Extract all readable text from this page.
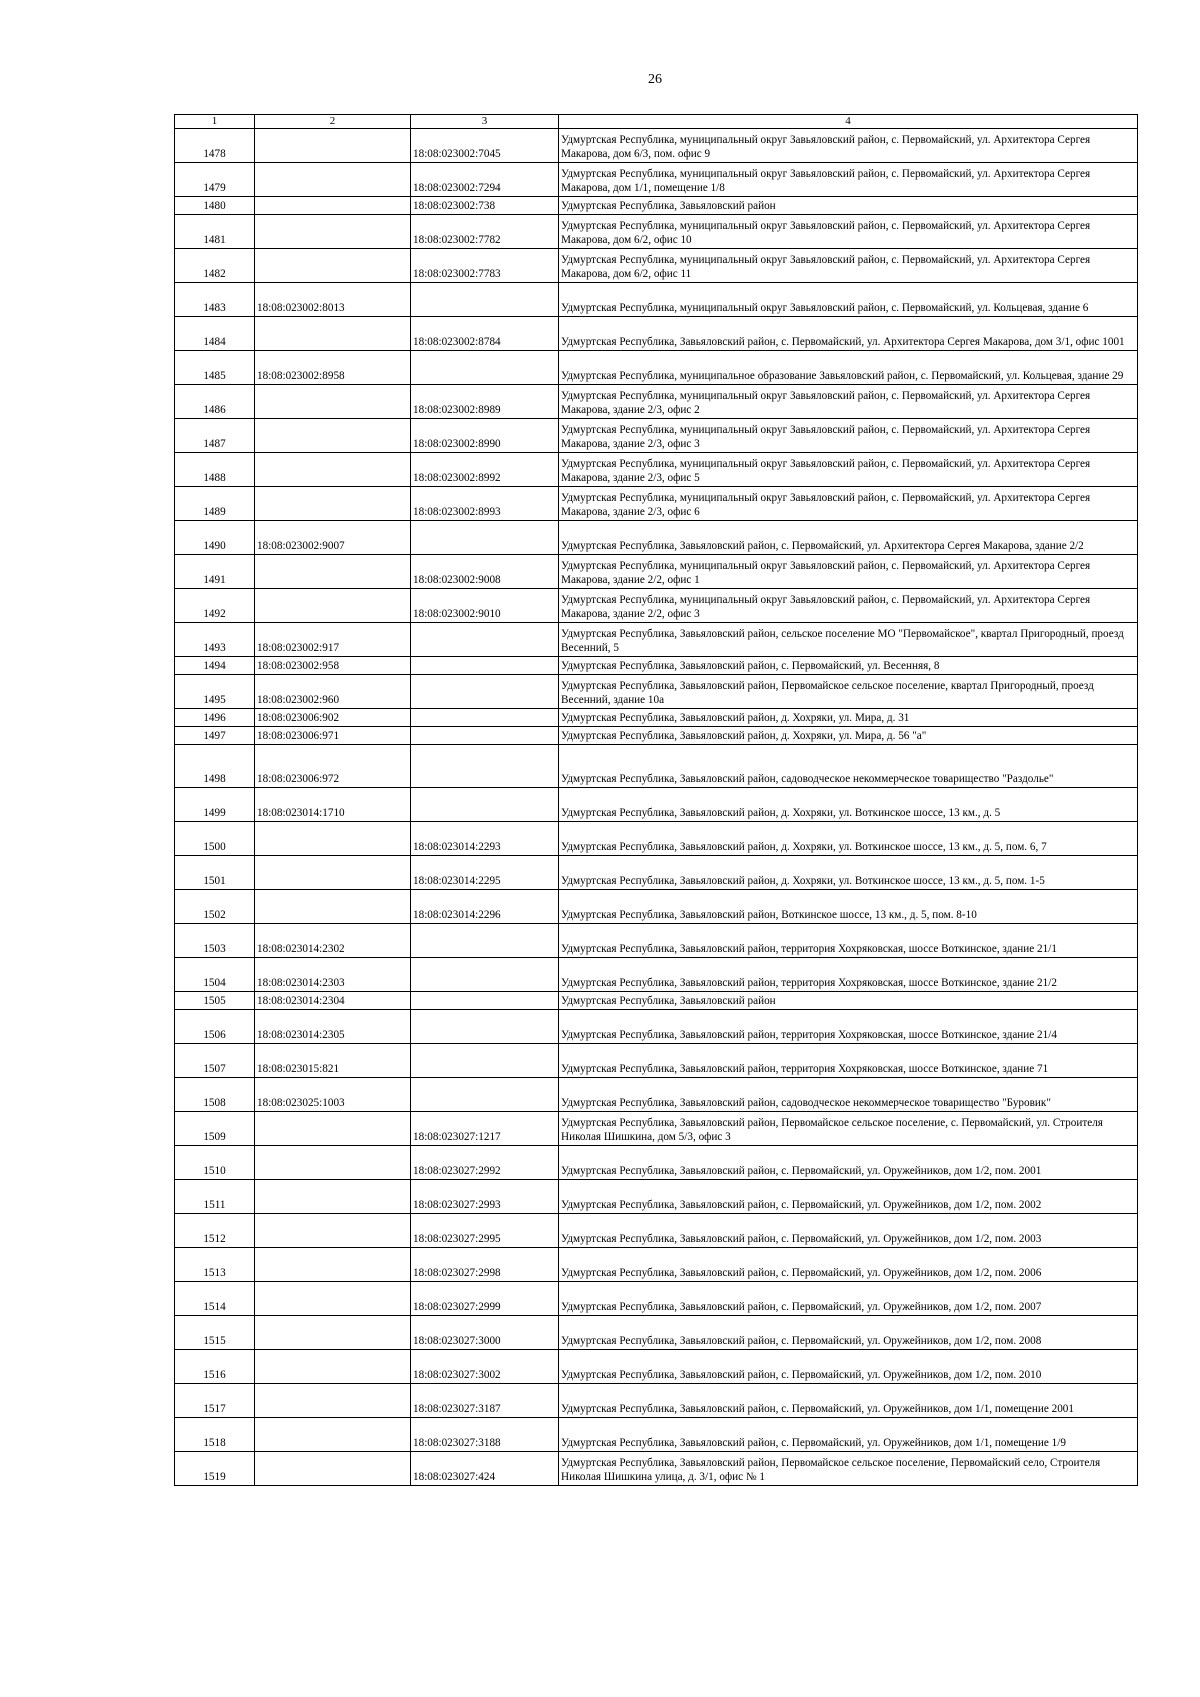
26
1	2	3	4
1478		18:08:023002:7045	Удмуртская Республика, муниципальный округ Завьяловский район, с. Первомайский, ул. Архитектора Сергея Макарова, дом 6/3, пом. офис 9
1479		18:08:023002:7294	Удмуртская Республика, муниципальный округ Завьяловский район, с. Первомайский, ул. Архитектора Сергея Макарова, дом 1/1, помещение 1/8
1480		18:08:023002:738	Удмуртская Республика, Завьяловский район
1481		18:08:023002:7782	Удмуртская Республика, муниципальный округ Завьяловский район, с. Первомайский, ул. Архитектора Сергея Макарова, дом 6/2, офис 10
1482		18:08:023002:7783	Удмуртская Республика, муниципальный округ Завьяловский район, с. Первомайский, ул. Архитектора Сергея Макарова, дом 6/2, офис 11
1483	18:08:023002:8013		Удмуртская Республика, муниципальный округ Завьяловский район, с. Первомайский, ул. Кольцевая, здание 6
1484		18:08:023002:8784	Удмуртская Республика, Завьяловский район, с. Первомайский, ул. Архитектора Сергея Макарова, дом 3/1, офис 1001
1485	18:08:023002:8958		Удмуртская Республика, муниципальное образование Завьяловский район, с. Первомайский, ул. Кольцевая, здание 29
1486		18:08:023002:8989	Удмуртская Республика, муниципальный округ Завьяловский район, с. Первомайский, ул. Архитектора Сергея Макарова, здание 2/3, офис 2
1487		18:08:023002:8990	Удмуртская Республика, муниципальный округ Завьяловский район, с. Первомайский, ул. Архитектора Сергея Макарова, здание 2/3, офис 3
1488		18:08:023002:8992	Удмуртская Республика, муниципальный округ Завьяловский район, с. Первомайский, ул. Архитектора Сергея Макарова, здание 2/3, офис 5
1489		18:08:023002:8993	Удмуртская Республика, муниципальный округ Завьяловский район, с. Первомайский, ул. Архитектора Сергея Макарова, здание 2/3, офис 6
1490	18:08:023002:9007		Удмуртская Республика, Завьяловский район, с. Первомайский, ул. Архитектора Сергея Макарова, здание 2/2
1491		18:08:023002:9008	Удмуртская Республика, муниципальный округ Завьяловский район, с. Первомайский, ул. Архитектора Сергея Макарова, здание 2/2, офис 1
1492		18:08:023002:9010	Удмуртская Республика, муниципальный округ Завьяловский район, с. Первомайский, ул. Архитектора Сергея Макарова, здание 2/2, офис 3
1493	18:08:023002:917		Удмуртская Республика, Завьяловский район, сельское поселение МО "Первомайское", квартал Пригородный, проезд Весенний, 5
1494	18:08:023002:958		Удмуртская Республика, Завьяловский район, с. Первомайский, ул. Весенняя, 8
1495	18:08:023002:960		Удмуртская Республика, Завьяловский район, Первомайское сельское поселение, квартал Пригородный, проезд Весенний, здание 10а
1496	18:08:023006:902		Удмуртская Республика, Завьяловский район, д. Хохряки, ул. Мира, д. 31
1497	18:08:023006:971		Удмуртская Республика, Завьяловский район, д. Хохряки, ул. Мира, д. 56 "а"
1498	18:08:023006:972		Удмуртская Республика, Завьяловский район, садоводческое некоммерческое товарищество "Раздолье"
1499	18:08:023014:1710		Удмуртская Республика, Завьяловский район, д. Хохряки, ул. Воткинское шоссе, 13 км., д. 5
1500		18:08:023014:2293	Удмуртская Республика, Завьяловский район, д. Хохряки, ул. Воткинское шоссе, 13 км., д. 5, пом. 6, 7
1501		18:08:023014:2295	Удмуртская Республика, Завьяловский район, д. Хохряки, ул. Воткинское шоссе, 13 км., д. 5, пом. 1-5
1502		18:08:023014:2296	Удмуртская Республика, Завьяловский район, Воткинское шоссе, 13 км., д. 5, пом. 8-10
1503	18:08:023014:2302		Удмуртская Республика, Завьяловский район, территория Хохряковская, шоссе Воткинское, здание 21/1
1504	18:08:023014:2303		Удмуртская Республика, Завьяловский район, территория Хохряковская, шоссе Воткинское, здание 21/2
1505	18:08:023014:2304		Удмуртская Республика, Завьяловский район
1506	18:08:023014:2305		Удмуртская Республика, Завьяловский район, территория Хохряковская, шоссе Воткинское, здание 21/4
1507	18:08:023015:821		Удмуртская Республика, Завьяловский район, территория Хохряковская, шоссе Воткинское, здание 71
1508	18:08:023025:1003		Удмуртская Республика, Завьяловский район, садоводческое некоммерческое товарищество "Буровик"
1509		18:08:023027:1217	Удмуртская Республика, Завьяловский район, Первомайское сельское поселение, с. Первомайский, ул. Строителя Николая Шишкина, дом 5/3, офис 3
1510		18:08:023027:2992	Удмуртская Республика, Завьяловский район, с. Первомайский, ул. Оружейников, дом 1/2, пом. 2001
1511		18:08:023027:2993	Удмуртская Республика, Завьяловский район, с. Первомайский, ул. Оружейников, дом 1/2, пом. 2002
1512		18:08:023027:2995	Удмуртская Республика, Завьяловский район, с. Первомайский, ул. Оружейников, дом 1/2, пом. 2003
1513		18:08:023027:2998	Удмуртская Республика, Завьяловский район, с. Первомайский, ул. Оружейников, дом 1/2, пом. 2006
1514		18:08:023027:2999	Удмуртская Республика, Завьяловский район, с. Первомайский, ул. Оружейников, дом 1/2, пом. 2007
1515		18:08:023027:3000	Удмуртская Республика, Завьяловский район, с. Первомайский, ул. Оружейников, дом 1/2, пом. 2008
1516		18:08:023027:3002	Удмуртская Республика, Завьяловский район, с. Первомайский, ул. Оружейников, дом 1/2, пом. 2010
1517		18:08:023027:3187	Удмуртская Республика, Завьяловский район, с. Первомайский, ул. Оружейников, дом 1/1, помещение 2001
1518		18:08:023027:3188	Удмуртская Республика, Завьяловский район, с. Первомайский, ул. Оружейников, дом 1/1, помещение 1/9
1519		18:08:023027:424	Удмуртская Республика, Завьяловский район, Первомайское сельское поселение, Первомайский село, Строителя Николая Шишкина улица, д. 3/1, офис № 1
